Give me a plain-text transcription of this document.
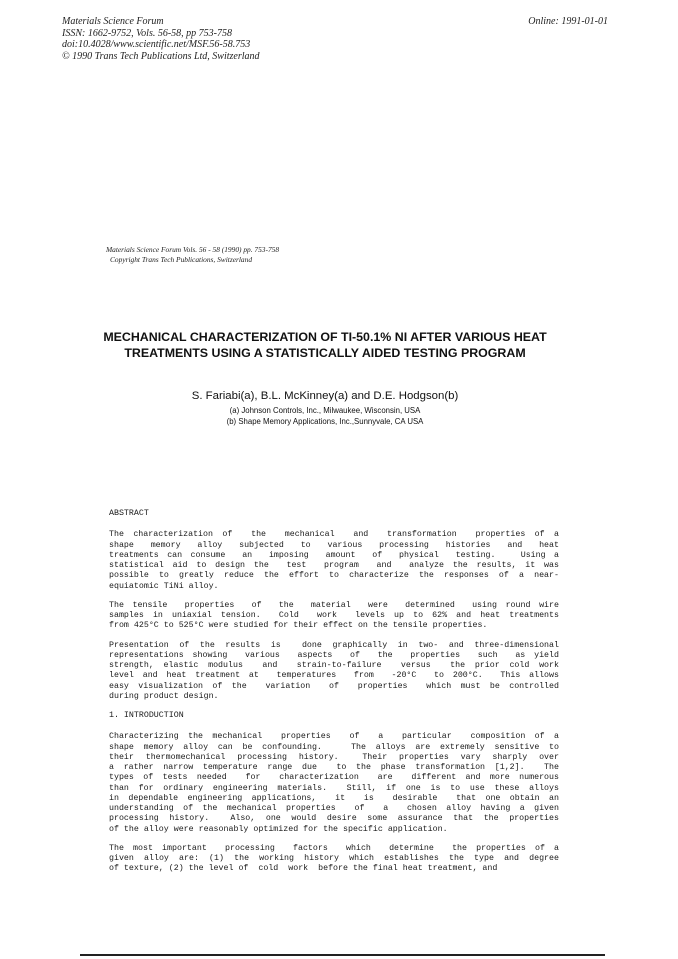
Materials Science Forum
ISSN: 1662-9752, Vols. 56-58, pp 753-758
doi:10.4028/www.scientific.net/MSF.56-58.753
© 1990 Trans Tech Publications Ltd, Switzerland
Online: 1991-01-01
Materials Science Forum Vols. 56 - 58 (1990) pp. 753-758
Copyright Trans Tech Publications, Switzerland
MECHANICAL CHARACTERIZATION OF TI-50.1% NI AFTER VARIOUS HEAT TREATMENTS USING A STATISTICALLY AIDED TESTING PROGRAM
S. Fariabi(a), B.L. McKinney(a) and D.E. Hodgson(b)
(a) Johnson Controls, Inc., Milwaukee, Wisconsin, USA
(b) Shape Memory Applications, Inc.,Sunnyvale, CA USA
ABSTRACT
The characterization of  the  mechanical  and  transformation  properties of a
shape  memory  alloy  subjected  to  various  processing  histories  and  heat
treatments can consume  an  imposing  amount  of  physical  testing.   Using a
statistical aid to design the  test  program  and  analyze the results, it was
possible to greatly reduce the effort to characterize the responses of a near-
equiatomic TiNi alloy.
The tensile  properties  of  the  material  were  determined  using round wire
samples in uniaxial tension.  Cold  work  levels up to 62% and heat treatments
from 425°C to 525°C were studied for their effect on the tensile properties.
Presentation of the results is  done graphically in two- and three-dimensional
representations showing  various  aspects  of  the  properties  such  as yield
strength, elastic modulus  and  strain-to-failure  versus  the prior cold work
level and heat treatment at  temperatures  from  -20°C  to 200°C.  This allows
easy visualization of the  variation  of  properties  which must be controlled
during product design.
1. INTRODUCTION
Characterizing the mechanical  properties  of  a  particular  composition of a
shape memory alloy can be confounding.   The alloys are extremely sensitive to
their thermomechanical processing history.  Their properties vary sharply over
a rather narrow temperature range due  to the phase transformation [1,2].  The
types of tests needed  for  characterization  are  different and more numerous
than for ordinary engineering materials.  Still, if one is to use these alloys
in dependable engineering applications,  it  is  desirable  that one obtain an
understanding of the mechanical properties  of  a  chosen alloy having a given
processing history.  Also, one would desire some assurance that the properties
of the alloy were reasonably optimized for the specific application.
The most important  processing  factors  which  determine  the properties of a
given alloy are: (1) the working history which establishes the type and degree
of texture, (2) the level of  cold  work  before the final heat treatment, and
